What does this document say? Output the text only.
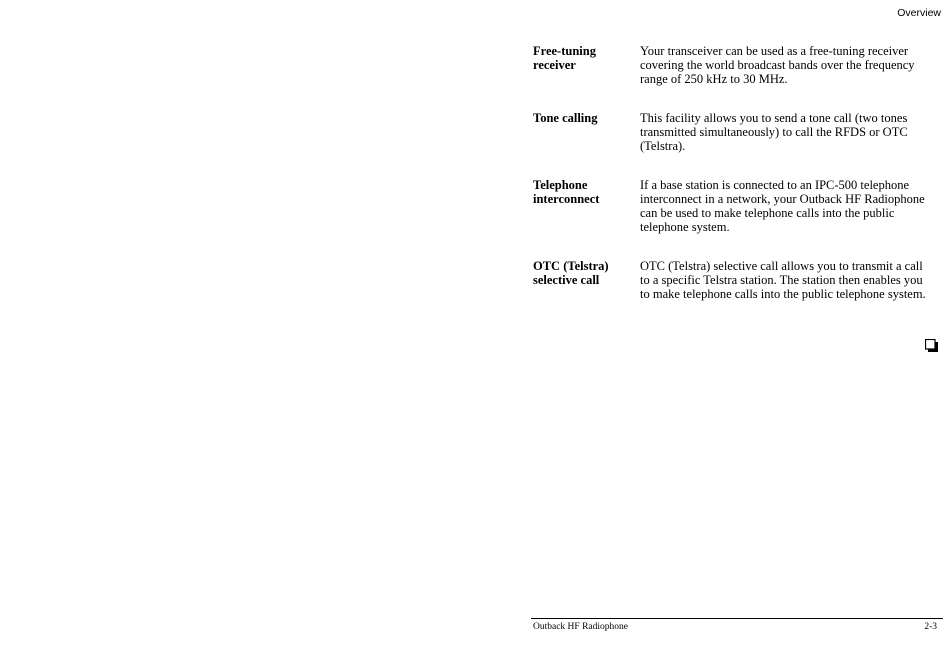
Overview
Free-tuning
receiver
Your transceiver can be used as a free-tuning receiver covering the world broadcast bands over the frequency range of 250 kHz to 30 MHz.
Tone calling	This facility allows you to send a tone call (two tones transmitted simultaneously) to call the RFDS or OTC (Telstra).
Telephone
interconnect
If a base station is connected to an IPC-500 telephone interconnect in a network, your Outback HF Radiophone can be used to make telephone calls into the public telephone system.
OTC (Telstra)
selective call
OTC (Telstra) selective call allows you to transmit a call to a specific Telstra station. The station then enables you to make telephone calls into the public telephone system.
Outback HF Radiophone	2-3
